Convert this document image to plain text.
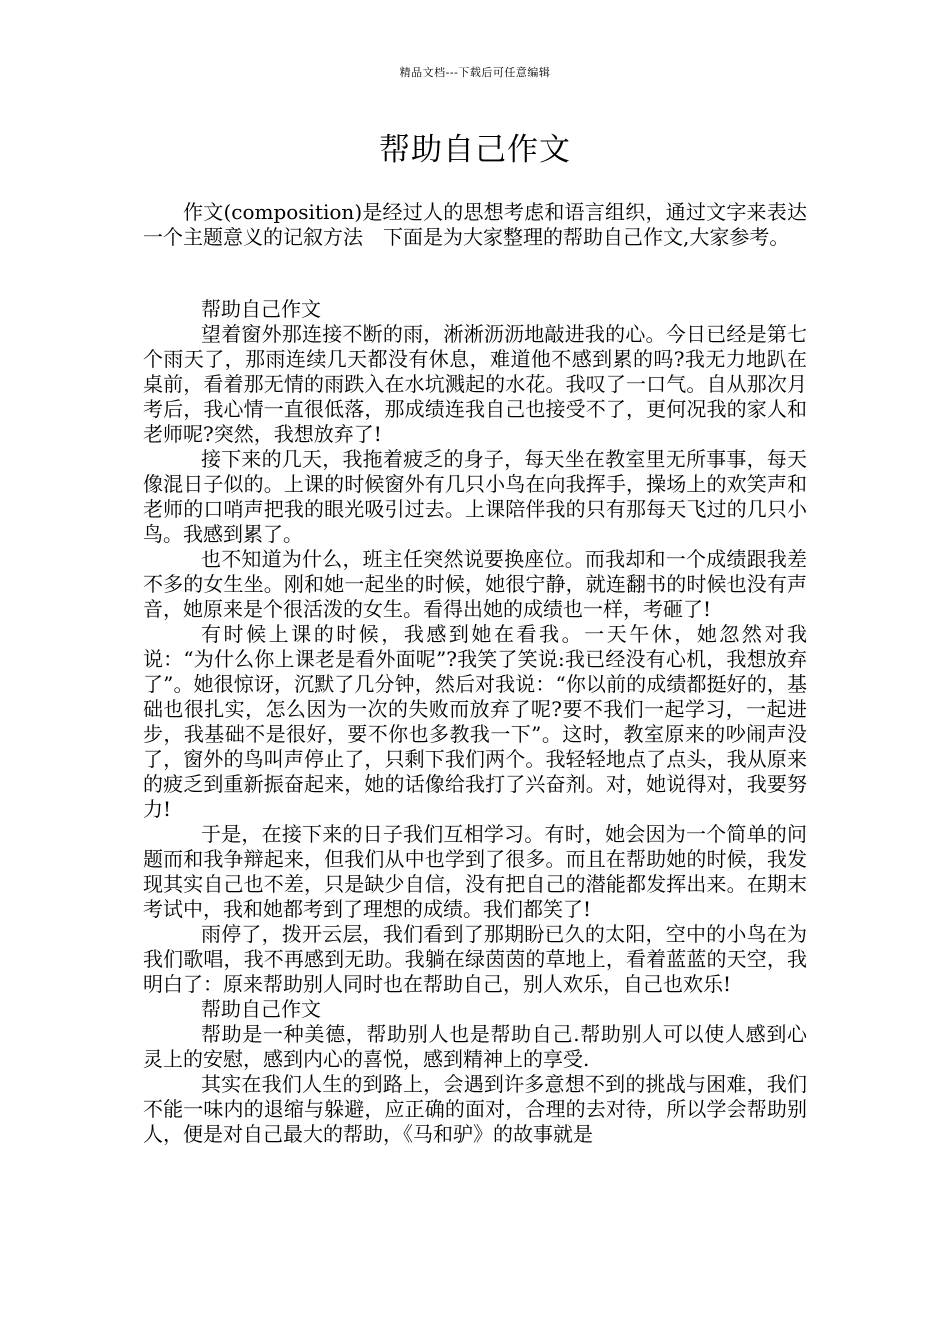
精品文档---下载后可任意编辑
帮助自己作文

作文(composition)是经过人的思想考虑和语言组织，通过文字来表达一个主题意义的记叙方法　下面是为大家整理的帮助自己作文,大家参考。

帮助自己作文

望着窗外那连接不断的雨，淅淅沥沥地敲进我的心。今日已经是第七个雨天了，那雨连续几天都没有休息，难道他不感到累的吗?我无力地趴在桌前，看着那无情的雨跌入在水坑溅起的水花。我叹了一口气。自从那次月考后，我心情一直很低落，那成绩连我自己也接受不了，更何况我的家人和老师呢?突然，我想放弃了!

接下来的几天，我拖着疲乏的身子，每天坐在教室里无所事事，每天像混日子似的。上课的时候窗外有几只小鸟在向我挥手，操场上的欢笑声和老师的口哨声把我的眼光吸引过去。上课陪伴我的只有那每天飞过的几只小鸟。我感到累了。

也不知道为什么，班主任突然说要换座位。而我却和一个成绩跟我差不多的女生坐。刚和她一起坐的时候，她很宁静，就连翻书的时候也没有声音，她原来是个很活泼的女生。看得出她的成绩也一样，考砸了!

有时候上课的时候，我感到她在看我。一天午休，她忽然对我说：“为什么你上课老是看外面呢”?我笑了笑说:我已经没有心机，我想放弃了”。她很惊讶，沉默了几分钟，然后对我说：“你以前的成绩都挺好的，基础也很扎实，怎么因为一次的失败而放弃了呢?要不我们一起学习，一起进步，我基础不是很好，要不你也多教我一下”。这时，教室原来的吵闹声没了，窗外的鸟叫声停止了，只剩下我们两个。我轻轻地点了点头，我从原来的疲乏到重新振奋起来，她的话像给我打了兴奋剂。对，她说得对，我要努力!

于是，在接下来的日子我们互相学习。有时，她会因为一个简单的问题而和我争辩起来，但我们从中也学到了很多。而且在帮助她的时候，我发现其实自己也不差，只是缺少自信，没有把自己的潜能都发挥出来。在期末考试中，我和她都考到了理想的成绩。我们都笑了!

雨停了，拨开云层，我们看到了那期盼已久的太阳，空中的小鸟在为我们歌唱，我不再感到无助。我躺在绿茵茵的草地上，看着蓝蓝的天空，我明白了：原来帮助别人同时也在帮助自己，别人欢乐，自己也欢乐!

帮助自己作文

帮助是一种美德，帮助别人也是帮助自己.帮助别人可以使人感到心灵上的安慰，感到内心的喜悦，感到精神上的享受.

其实在我们人生的到路上，会遇到许多意想不到的挑战与困难，我们不能一味内的退缩与躲避，应正确的面对，合理的去对待，所以学会帮助别人，便是对自己最大的帮助，《马和驴》的故事就是
